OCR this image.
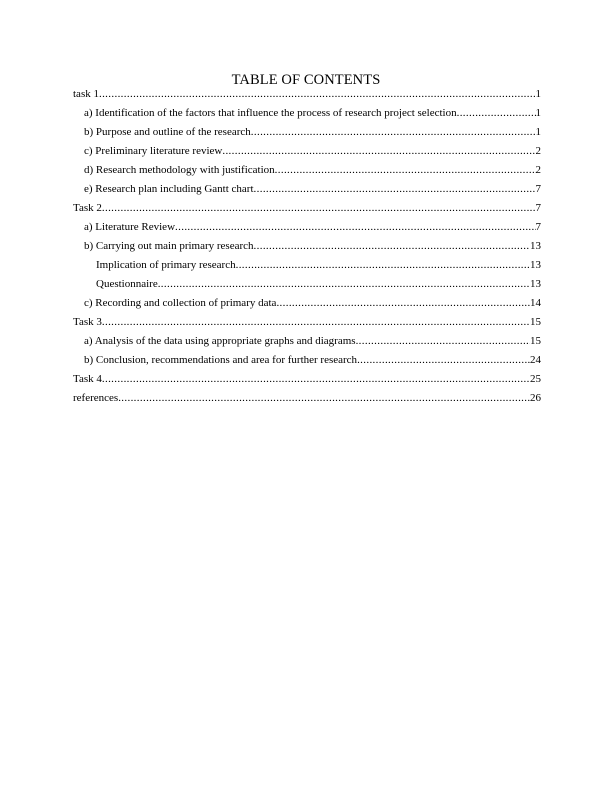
TABLE OF CONTENTS
task 1 .....	1
a) Identification of the factors that influence the process of research project selection .....	1
b) Purpose and outline of the research .....	1
c) Preliminary literature review .....	2
d) Research methodology with justification .....	2
e) Research plan including Gantt chart .....	7
Task 2 .....	7
a) Literature Review .....	7
b) Carrying out main primary research .....	13
Implication of primary research .....	13
Questionnaire .....	13
c) Recording and collection of primary data .....	14
Task 3 .....	15
a) Analysis of the data using appropriate graphs and diagrams .....	15
b) Conclusion, recommendations and area for further research .....	24
Task 4 .....	25
references .....	26
